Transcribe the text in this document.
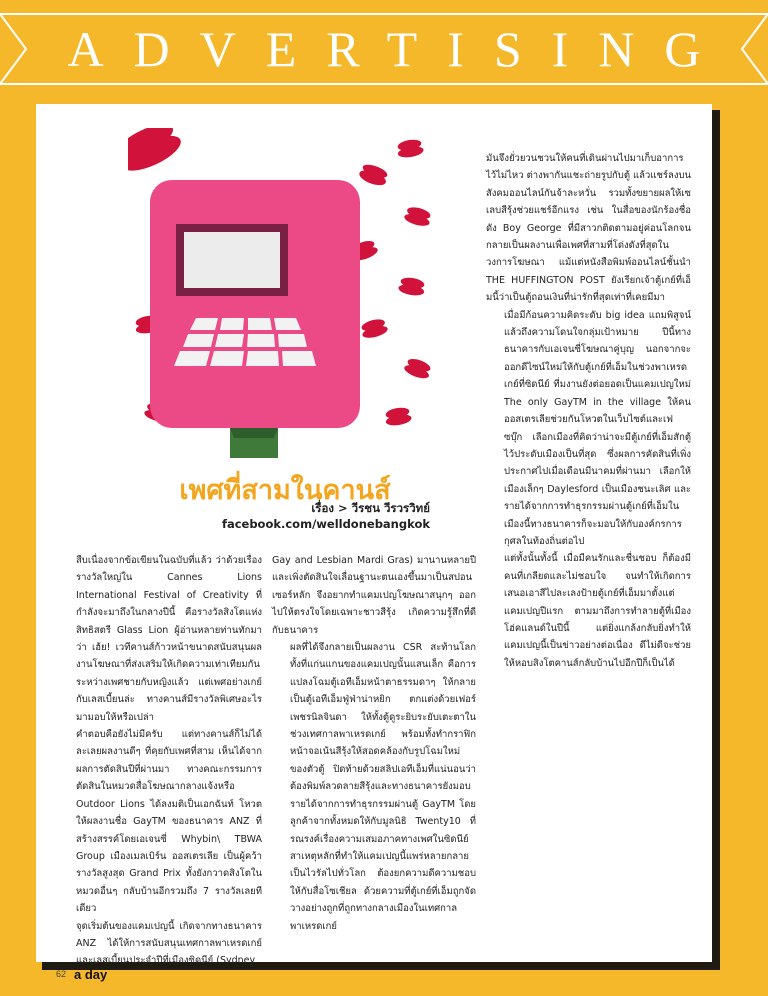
ADVERTISING
เพศที่สามในคานส์
เรื่อง > วีรชน วีรวรวิทย์
facebook.com/welldonebangkok

มันจึงยั่วยวนชวนให้คนที่เดินผ่านไปมาเก็บอาการไว้ไม่ไหว ต่างพากันแชะถ่ายรูปกับตู้ แล้วแชร์ลงบนสังคมออนไลน์กันจ้าละหวั่น รวมทั้งขยายผลให้เซเลบสีรุ้งช่วยแชร์อีกแรง เช่น ในสื่อของนักร้องชื่อดัง Boy George ที่มีสาวกติดตามอยู่ค่อนโลกจนกลายเป็นผลงานเพื่อเพศที่สามที่โด่งดังที่สุดในวงการโฆษณา แม้แต่หนังสือพิมพ์ออนไลน์ชั้นนำ THE HUFFINGTON POST ยังเรียกเจ้าตู้เกย์ที่เอ็มนี้ว่าเป็นตู้ถอนเงินที่น่ารักที่สุดเท่าที่เคยมีมา

เมื่อมีก้อนความคิดระดับ big idea แถมพิสูจน์แล้วถึงความโดนใจกลุ่มเป้าหมาย ปีนี้ทางธนาคารกับเอเจนซี่โฆษณาคู่บุญ นอกจากจะออกดีไซน์ใหม่ให้กับตู้เกย์ที่เอ็มในช่วงพาเหรดเกย์ที่ซิดนีย์ ที่มงานยังต่อยอดเป็นแคมเปญใหม่ The only GayTM in the village ให้คนออสเตรเลียช่วยกันโหวตในเว็บไซต์และเฟซบุ๊ก เลือกเมืองที่คิดว่าน่าจะมีตู้เกย์ที่เอ็มสักตู้ไว้ประดับเมืองเป็นที่สุด ซึ่งผลการคัดสินที่เพิ่งประกาศไปเมื่อเดือนมีนาคมที่ผ่านมา เลือกให้เมืองเล็กๆ Daylesford เป็นเมืองชนะเลิศ และรายได้จากการทำธุรกรรมผ่านตู้เกย์ที่เอ็มในเมืองนี้ทางธนาคารก็จะมอบให้กับองค์กรการกุศลในท้องถิ่นต่อไป

แต่ทั้งนั้นทั้งนี้ เมื่อมีคนรักและชื่นชอบ ก็ต้องมีคนที่เกลียดและไม่ชอบใจ จนทำให้เกิดการเสนอเอาสีไปละเลงป้ายตู้เกย์ที่เอ็มมาตั้งแต่แคมเปญปีแรก ตามมาถึงการทำลายตู้ที่เมืองโฮ่คแลนด์ในปีนี้ แต่ยิ่งแกล้งกลับยิ่งทำให้แคมเปญนี้เป็นข่าวอย่างต่อเนื่อง ดีไม่ดีจะช่วยให้หอบสิงโตคานส์กลับบ้านไปอีกปีก็เป็นได้

สืบเนื่องจากข้อเขียนในฉบับที่แล้ว ว่าด้วยเรื่องรางวัลใหญ่ใน Cannes Lions International Festival of Creativity ที่กำลังจะมาถึงในกลางปีนี้ คือรางวัลสิงโตแห่งสิทธิสตรี Glass Lion ผู้อ่านหลายท่านทักมาว่า เฮ้ย! เวทีคานส์ก้าวหน้าขนาดสนับสนุนผลงานโฆษณาที่ส่งเสริมให้เกิดความเท่าเทียมกันระหว่างเพศชายกับหญิงแล้ว แต่เพศอย่างเกย์กับเลสเบี้ยนล่ะ ทางคานส์มีรางวัลพิเศษอะไรมามอบให้หรือเปล่า

คำตอบคือยังไม่มีครับ แต่ทางคานส์ก็ไม่ได้ละเลยผลงานดีๆ ที่คุยกับเพศที่สาม เห็นได้จากผลการตัดสินปีที่ผ่านมา ทางคณะกรรมการตัดสินในหมวดสื่อโฆษณากลางแจ้งหรือ Outdoor Lions ได้ลงมติเป็นเอกฉันท์ โหวตให้ผลงานชื่อ GayTM ของธนาคาร ANZ ที่สร้างสรรค์โดยเอเจนซี่ Whybin\ TBWA Group เมืองเมลเบิร์น ออสเตรเลีย เป็นผู้คว้ารางวัลสูงสุด Grand Prix ทั้งยังกวาดสิงโตในหมวดอื่นๆ กลับบ้านอีกรวมถึง 7 รางวัลเลยทีเดียว

จุดเริ่มต้นของแคมเปญนี้ เกิดจากทางธนาคาร ANZ ได้ให้การสนับสนุนเทศกาลพาเหรดเกย์และเลสเบี้ยนประจำปีที่เมืองซิดนีย์ (Sydney

Gay and Lesbian Mardi Gras) มานานหลายปีและเพิ่งตัดสินใจเลื่อนฐานะตนเองขึ้นมาเป็นสปอนเซอร์หลัก จึงอยากทำแคมเปญโฆษณาสนุกๆ ออกไปให้ตรงใจโดยเฉพาะชาวสีรุ้ง เกิดความรู้สึกที่ดีกับธนาคาร

ผลที่ได้จึงกลายเป็นผลงาน CSR สะท้านโลกทั้งที่แก่นแกนของแคมเปญนั้นแสนเล็ก คือการแปลงโฉมตู้เอทีเอ็มหน้าตาธรรมดาๆ ให้กลายเป็นตู้เอทีเอ็มฟู่ฟ่าน่าหยิก ตกแต่งด้วยเฟอร์ เพชรนิลจินดา ให้ทั้งตู้ดูระยิบระยับเตะตาในช่วงเทศกาลพาเหรดเกย์ พร้อมทั้งทำกราฟิกหน้าจอเน้นสีรุ้งให้สอดคล้องกับรูปโฉมใหม่ของตัวตู้ ปิดท้ายด้วยสลิปเอทีเอ็มที่แน่นอนว่าต้องพิมพ์ลวดลายสีรุ้งและทางธนาคารยังมอบรายได้จากการทำธุรกรรมผ่านตู้ GayTM โดยลูกค้าจากทั้งหมดให้กับมูลนิธิ Twenty10 ที่รณรงค์เรื่องความเสมอภาคทางเพศในซิดนีย์

สาเหตุหลักที่ทำให้แคมเปญนี้แพร่หลายกลายเป็นไวรัลไปทั่วโลก ต้องยกความดีความชอบให้กับสื่อโซเชียล ด้วยความที่ตู้เกย์ที่เอ็มถูกจัดวางอย่างถูกที่ถูกทางกลางเมืองในเทศกาลพาเหรดเกย์

62 a day
